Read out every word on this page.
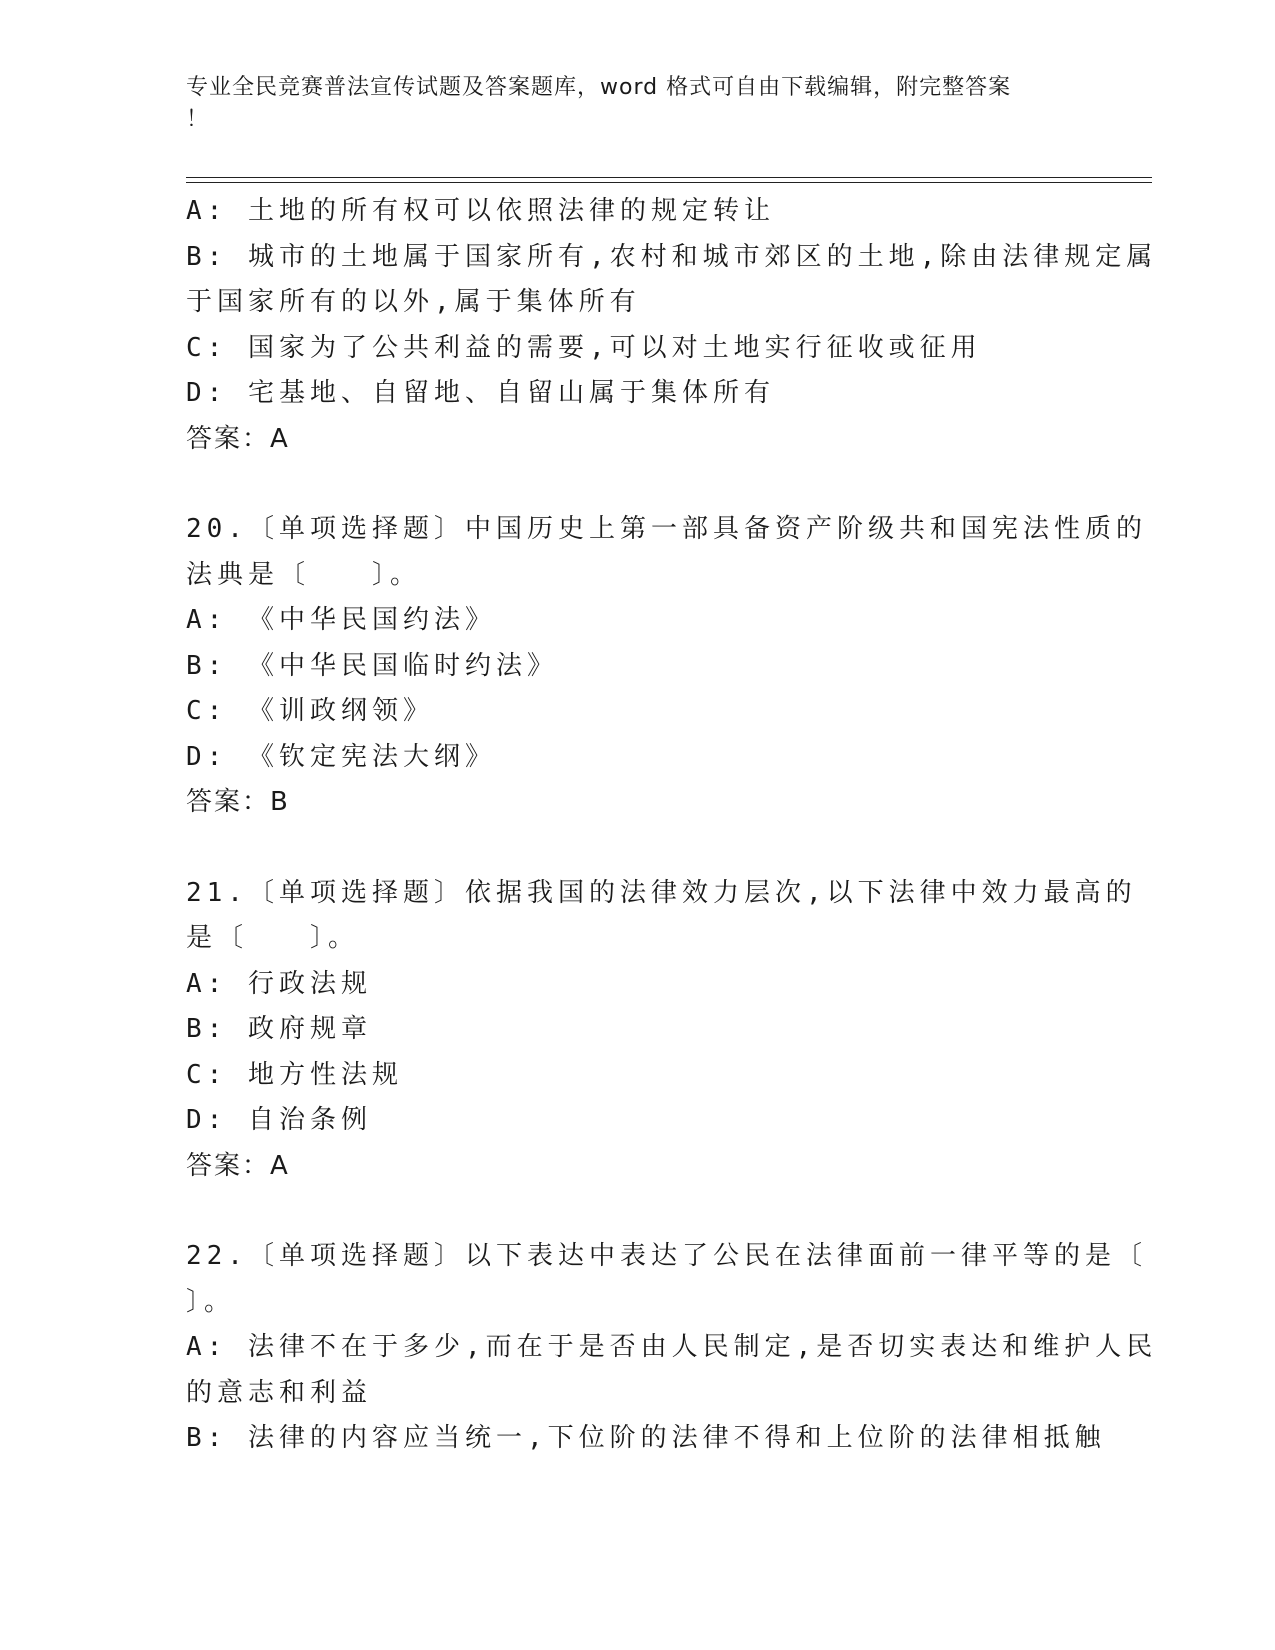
专业全民竞赛普法宣传试题及答案题库，word 格式可自由下载编辑，附完整答案
！
A: 土地的所有权可以依照法律的规定转让
B: 城市的土地属于国家所有,农村和城市郊区的土地,除由法律规定属
于国家所有的以外,属于集体所有
C: 国家为了公共利益的需要,可以对土地实行征收或征用
D: 宅基地、自留地、自留山属于集体所有
答案：A
20.〔单项选择题〕中国历史上第一部具备资产阶级共和国宪法性质的
法典是〔　　〕。
A: 《中华民国约法》
B: 《中华民国临时约法》
C: 《训政纲领》
D: 《钦定宪法大纲》
答案：B
21.〔单项选择题〕依据我国的法律效力层次,以下法律中效力最高的
是〔　　〕。
A: 行政法规
B: 政府规章
C: 地方性法规
D: 自治条例
答案：A
22.〔单项选择题〕以下表达中表达了公民在法律面前一律平等的是〔
〕。
A: 法律不在于多少,而在于是否由人民制定,是否切实表达和维护人民
的意志和利益
B: 法律的内容应当统一,下位阶的法律不得和上位阶的法律相抵触
